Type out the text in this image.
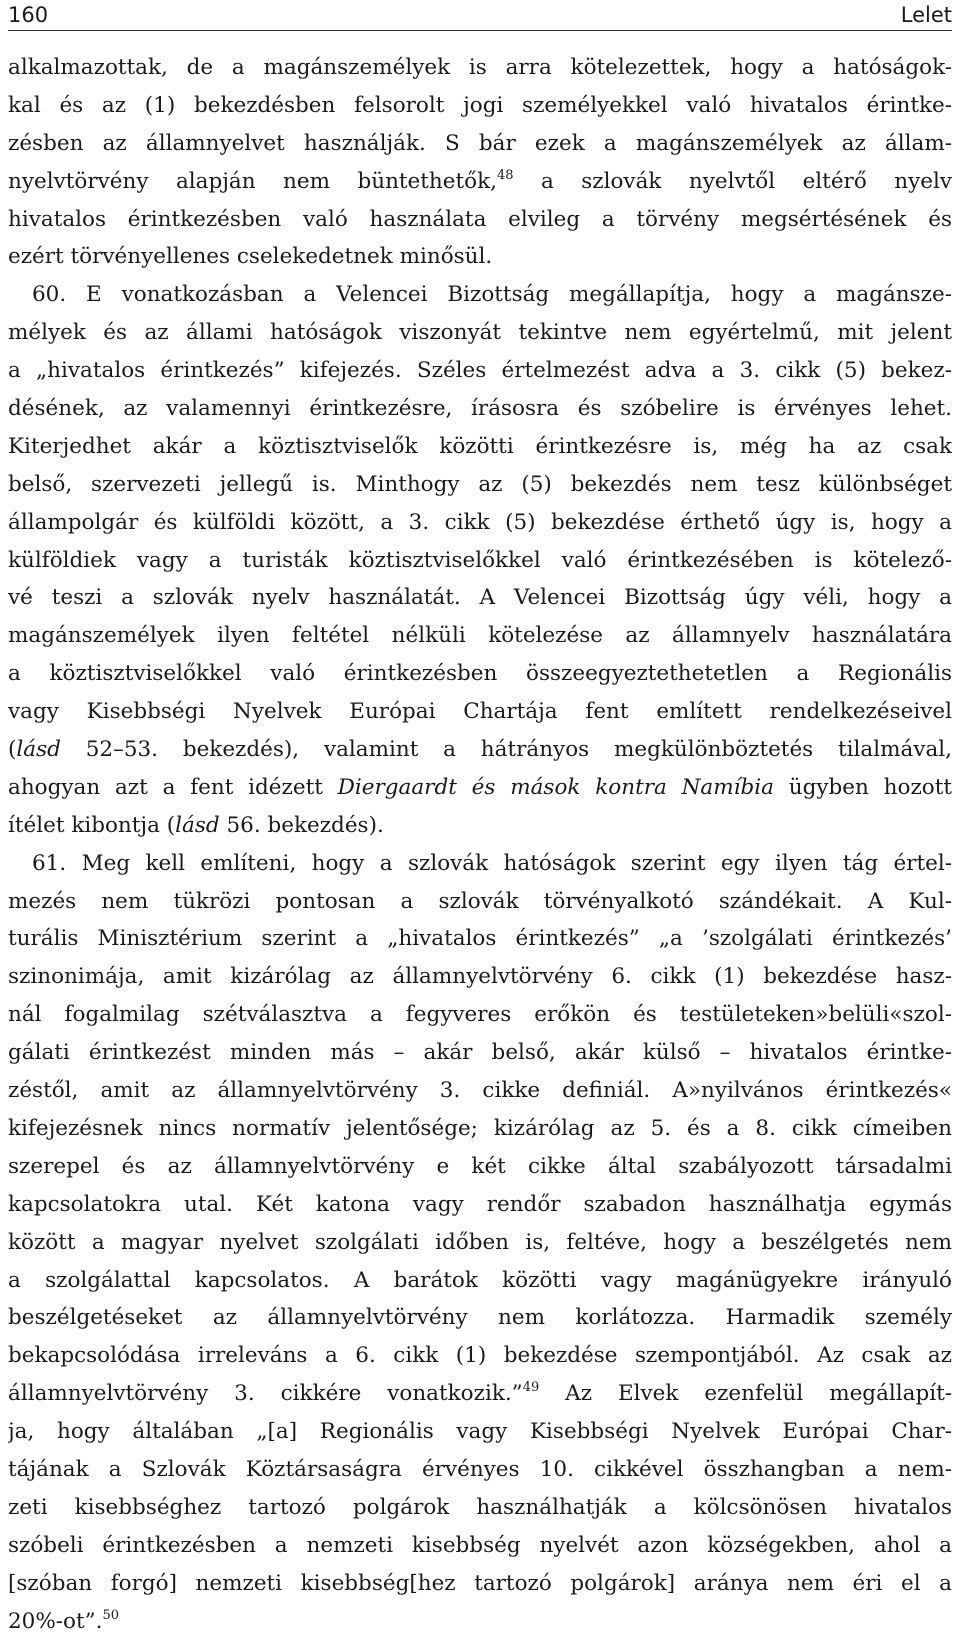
160	Lelet
alkalmazottak, de a magánszemélyek is arra kötelezettek, hogy a hatóságok-
kal és az (1) bekezdésben felsorolt jogi személyekkel való hivatalos érintke-
zésben az államnyelvet használják. S bár ezek a magánszemélyek az állam-
nyelvtörvény alapján nem büntethetők,$^{48}$ a szlovák nyelvtől eltérő nyelv
hivatalos érintkezésben való használata elvileg a törvény megsértésének és
ezért törvényellenes cselekedetnek minősül.
60. E vonatkozásban a Velencei Bizottság megállapítja, hogy a magánsze-
mélyek és az állami hatóságok viszonyát tekintve nem egyértelmű, mit jelent
a „hivatalos érintkezés” kifejezés. Széles értelmezést adva a 3. cikk (5) bekez-
désének, az valamennyi érintkezésre, írásosra és szóbelire is érvényes lehet.
Kiterjedhet akár a köztisztviselők közötti érintkezésre is, még ha az csak
belső, szervezeti jellegű is. Minthogy az (5) bekezdés nem tesz különbséget
állampolgár és külföldi között, a 3. cikk (5) bekezdése érthető úgy is, hogy a
külföldiek vagy a turisták köztisztviselőkkel való érintkezésében is kötelező-
vé teszi a szlovák nyelv használatát. A Velencei Bizottság úgy véli, hogy a
magánszemélyek ilyen feltétel nélküli kötelezése az államnyelv használatára
a köztisztviselőkkel való érintkezésben összeegyeztethetetlen a Regionális
vagy Kisebbségi Nyelvek Európai Chartája fent említett rendelkezéseivel
(lásd 52–53. bekezdés), valamint a hátrányos megkülönböztetés tilalmával,
ahogyan azt a fent idézett Diergaardt és mások kontra Namíbia ügyben hozott
ítélet kibontja (lásd 56. bekezdés).
61. Meg kell említeni, hogy a szlovák hatóságok szerint egy ilyen tág értel-
mezés nem tükrözi pontosan a szlovák törvényalkotó szándékait. A Kul-
turális Minisztérium szerint a „hivatalos érintkezés” „a ’szolgálati érintkezés’
szinonimája, amit kizárólag az államnyelvtörvény 6. cikk (1) bekezdése hasz-
nál fogalmilag szétválasztva a fegyveres erőkön és testületeken»belüli«szol-
gálati érintkezést minden más – akár belső, akár külső – hivatalos érintke-
zéstől, amit az államnyelvtörvény 3. cikke definiál. A»nyilvános érintkezés«
kifejezésnek nincs normatív jelentősége; kizárólag az 5. és a 8. cikk címeiben
szerepel és az államnyelvtörvény e két cikke által szabályozott társadalmi
kapcsolatokra utal. Két katona vagy rendőr szabadon használhatja egymás
között a magyar nyelvet szolgálati időben is, feltéve, hogy a beszélgetés nem
a szolgálattal kapcsolatos. A barátok közötti vagy magánügyekre irányuló
beszélgetéseket az államnyelvtörvény nem korlátozza. Harmadik személy
bekapcsolódása irreleváns a 6. cikk (1) bekezdése szempontjából. Az csak az
államnyelvtörvény 3. cikkére vonatkozik.”$^{49}$ Az Elvek ezenfelül megállapít-
ja, hogy általában „[a] Regionális vagy Kisebbségi Nyelvek Európai Char-
tájának a Szlovák Köztársaságra érvényes 10. cikkével összhangban a nem-
zeti kisebbséghez tartozó polgárok használhatják a kölcsönösen hivatalos
szóbeli érintkezésben a nemzeti kisebbség nyelvét azon községekben, ahol a
[szóban forgó] nemzeti kisebbség[hez tartozó polgárok] aránya nem éri el a
20%-ot”.$^{50}$
